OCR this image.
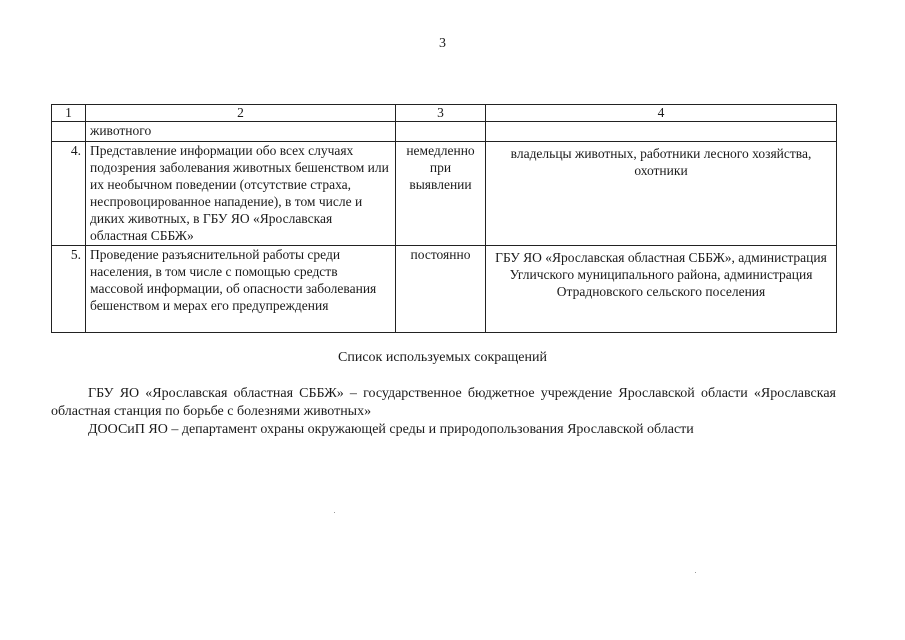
3
1	2	3	4
	животного		
4.	Представление информации обо всех случаях подозрения заболевания животных бешенством или их необычном поведении (отсутствие страха, неспровоцированное нападение), в том числе и диких животных, в ГБУ ЯО «Ярославская областная СББЖ»	немедленно при выявлении	владельцы животных, работники лесного хозяйства, охотники
5.	Проведение разъяснительной работы среди населения, в том числе с помощью средств массовой информации, об опасности заболевания бешенством и мерах его предупреждения	постоянно	ГБУ ЯО «Ярославская областная СББЖ», администрация Угличского муниципального района, администрация Отрадновского сельского поселения
Список используемых сокращений
ГБУ ЯО «Ярославская областная СББЖ» – государственное бюджетное учреждение Ярославской области «Ярославская областная станция по борьбе с болезнями животных»
ДООСиП ЯО – департамент охраны окружающей среды и природопользования Ярославской области
